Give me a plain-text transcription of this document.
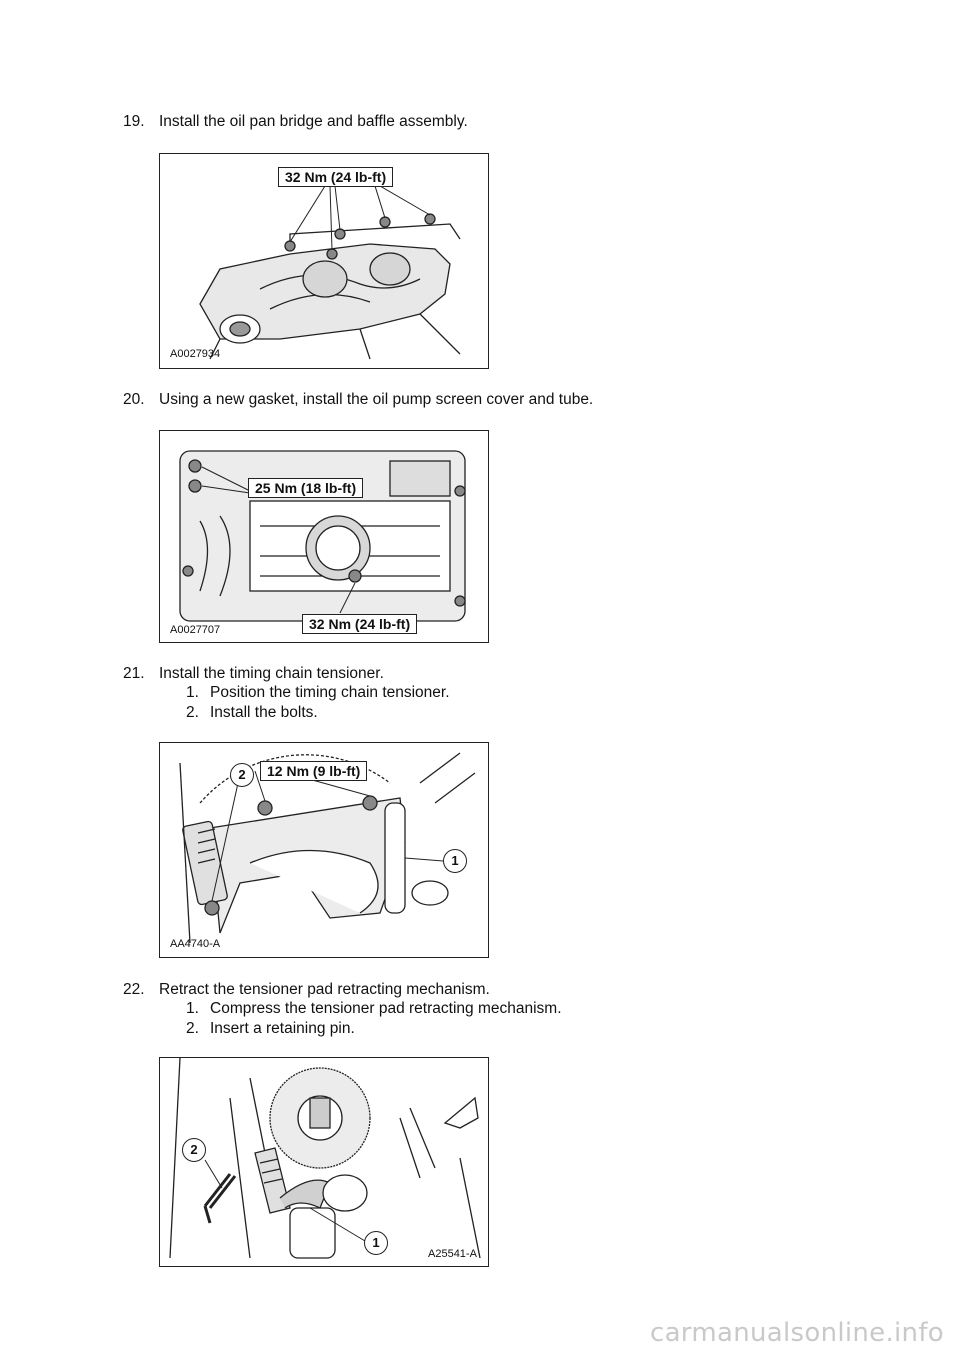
19. Install the oil pan bridge and baffle assembly.
32 Nm (24 lb-ft)
A0027934
20. Using a new gasket, install the oil pump screen cover and tube.
25 Nm (18 lb-ft)
32 Nm (24 lb-ft)
A0027707
21. Install the timing chain tensioner.
1. Position the timing chain tensioner.
2. Install the bolts.
2	12 Nm (9 lb-ft)
1
AA4740-A
22. Retract the tensioner pad retracting mechanism.
1. Compress the tensioner pad retracting mechanism.
2. Insert a retaining pin.
2
1
A25541-A
carmanualsonline.info
